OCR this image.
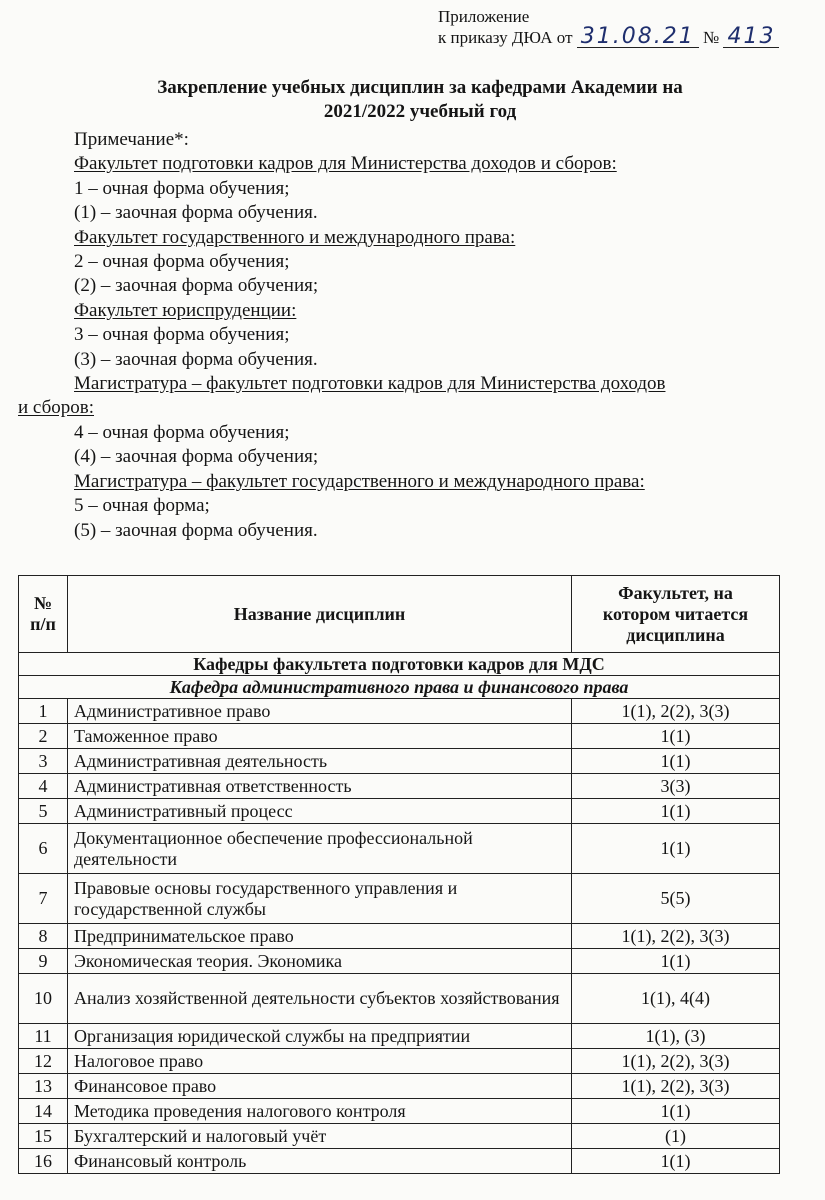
Приложение
к приказу ДЮА от 31.08.21 № 413
Закрепление учебных дисциплин за кафедрами Академии на
2021/2022 учебный год
Примечание*:
Факультет подготовки кадров для Министерства доходов и сборов:
1 – очная форма обучения;
(1) – заочная форма обучения.
Факультет государственного и международного права:
2 – очная форма обучения;
(2) – заочная форма обучения;
Факультет юриспруденции:
3 – очная форма обучения;
(3) – заочная форма обучения.
Магистратура – факультет подготовки кадров для Министерства доходов
и сборов:
4 – очная форма обучения;
(4) – заочная форма обучения;
Магистратура – факультет государственного и международного права:
5 – очная форма;
(5) – заочная форма обучения.
№
п/п	Название дисциплин	Факультет, на
котором читается
дисциплина
Кафедры факультета подготовки кадров для МДС		
Кафедра административного права и финансового права		
1	Административное право	1(1), 2(2), 3(3)
2	Таможенное право	1(1)
3	Административная деятельность	1(1)
4	Административная ответственность	3(3)
5	Административный процесс	1(1)
6	Документационное обеспечение профессиональной деятельности	1(1)
7	Правовые основы государственного управления и государственной службы	5(5)
8	Предпринимательское право	1(1), 2(2), 3(3)
9	Экономическая теория. Экономика	1(1)
10	Анализ хозяйственной деятельности субъектов хозяйствования	1(1), 4(4)
11	Организация юридической службы на предприятии	1(1), (3)
12	Налоговое право	1(1), 2(2), 3(3)
13	Финансовое право	1(1), 2(2), 3(3)
14	Методика проведения налогового контроля	1(1)
15	Бухгалтерский и налоговый учёт	(1)
16	Финансовый контроль	1(1)
